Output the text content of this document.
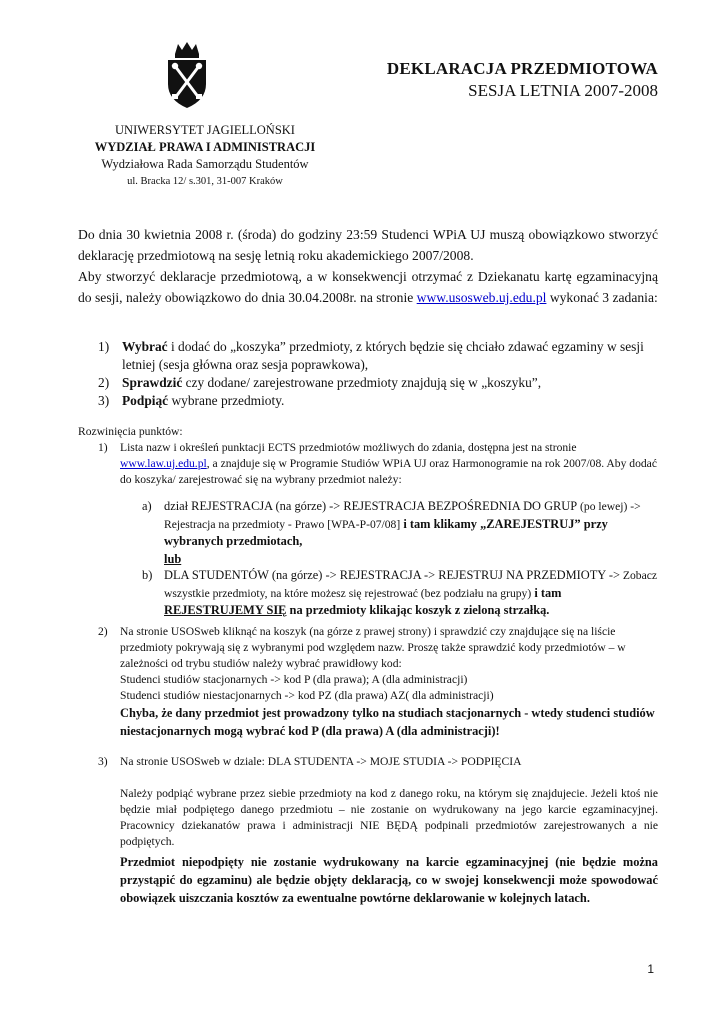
DEKLARACJA PRZEDMIOTOWA
SESJA LETNIA 2007-2008
UNIWERSYTET JAGIELLOŃSKI
WYDZIAŁ PRAWA I ADMINISTRACJI
Wydziałowa Rada Samorządu Studentów
ul. Bracka 12/ s.301, 31-007 Kraków

Do dnia 30 kwietnia 2008 r. (środa) do godziny 23:59 Studenci WPiA UJ muszą obowiązkowo stworzyć deklarację przedmiotową na sesję letnią roku akademickiego 2007/2008.

Aby stworzyć deklaracje przedmiotową, a w konsekwencji otrzymać z Dziekanatu kartę egzaminacyjną do sesji, należy obowiązkowo do dnia 30.04.2008r. na stronie www.usosweb.uj.edu.pl wykonać 3 zadania:

1) Wybrać i dodać do „koszyka” przedmioty, z których będzie się chciało zdawać egzaminy w sesji letniej (sesja główna oraz sesja poprawkowa),
2) Sprawdzić czy dodane/ zarejestrowane przedmioty znajdują się w „koszyku”,
3) Podpiąć wybrane przedmioty.
Rozwinięcia punktów:
1) Lista nazw i określeń punktacji ECTS przedmiotów możliwych do zdania, dostępna jest na stronie www.law.uj.edu.pl, a znajduje się w Programie Studiów WPiA UJ oraz Harmonogramie na rok 2007/08. Aby dodać do koszyka/ zarejestrować się na wybrany przedmiot należy:
a) dział REJESTRACJA (na górze) -> REJESTRACJA BEZPOŚREDNIA DO GRUP (po lewej) -> Rejestracja na przedmioty - Prawo [WPA-P-07/08] i tam klikamy „ZAREJESTRUJ” przy wybranych przedmiotach,
lub
b) DLA STUDENTÓW (na górze) -> REJESTRACJA -> REJESTRUJ NA PRZEDMIOTY -> Zobacz wszystkie przedmioty, na które możesz się rejestrować (bez podziału na grupy) i tam REJESTRUJEMY SIĘ na przedmioty klikając koszyk z zieloną strzałką.
2) Na stronie USOSweb kliknąć na koszyk (na górze z prawej strony) i sprawdzić czy znajdujące się na liście przedmioty pokrywają się z wybranymi pod względem nazw. Proszę także sprawdzić kody przedmiotów – w zależności od trybu studiów należy wybrać prawidłowy kod:
Studenci studiów stacjonarnych -> kod P (dla prawa); A (dla administracji)
Studenci studiów niestacjonarnych -> kod PZ (dla prawa) AZ( dla administracji)
Chyba, że dany przedmiot jest prowadzony tylko na studiach stacjonarnych - wtedy studenci studiów niestacjonarnych mogą wybrać kod P (dla prawa) A (dla administracji)!
3) Na stronie USOSweb w dziale: DLA STUDENTA -> MOJE STUDIA -> PODPIĘCIA
Należy podpiąć wybrane przez siebie przedmioty na kod z danego roku, na którym się znajdujecie. Jeżeli ktoś nie będzie miał podpiętego danego przedmiotu – nie zostanie on wydrukowany na jego karcie egzaminacyjnej. Pracownicy dziekanatów prawa i administracji NIE BĘDĄ podpinali przedmiotów zarejestrowanych a nie podpiętych.
Przedmiot niepodpięty nie zostanie wydrukowany na karcie egzaminacyjnej (nie będzie można przystąpić do egzaminu) ale będzie objęty deklaracją, co w swojej konsekwencji może spowodować obowiązek uiszczania kosztów za ewentualne powtórne deklarowanie w kolejnych latach.
1
